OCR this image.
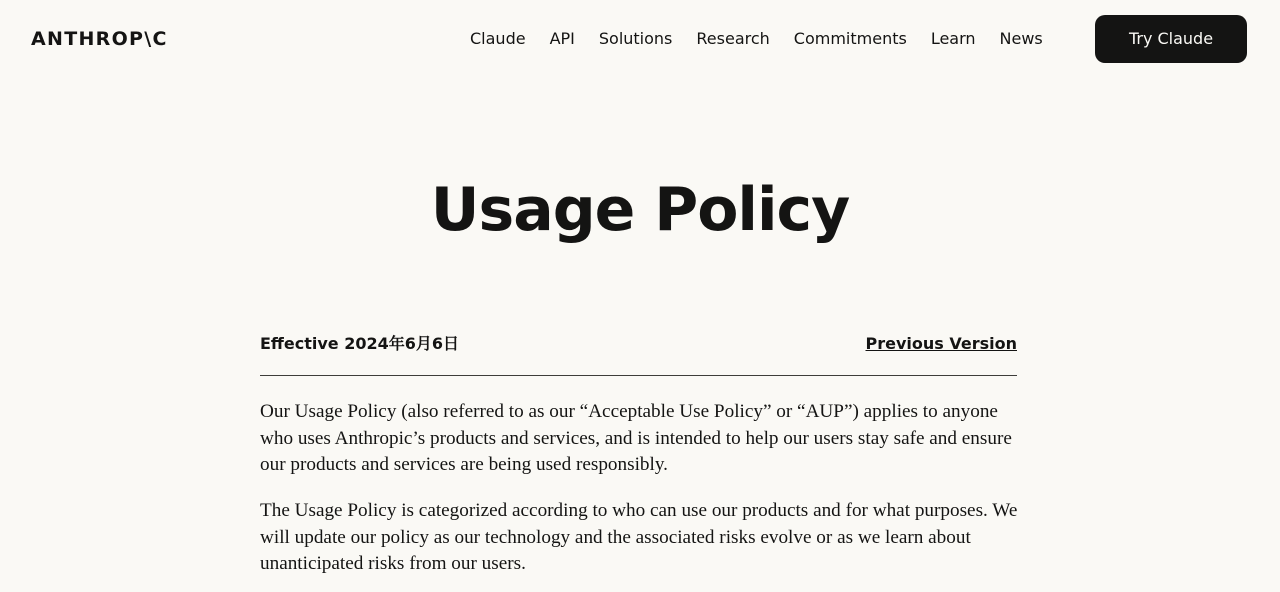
ANTHROP\C	Claude API Solutions Research Commitments Learn News	Try Claude
Usage Policy
Effective 2024年6月6日	Previous Version

Our Usage Policy (also referred to as our “Acceptable Use Policy” or “AUP”) applies to anyone who uses Anthropic’s products and services, and is intended to help our users stay safe and ensure our products and services are being used responsibly.

The Usage Policy is categorized according to who can use our products and for what purposes. We will update our policy as our technology and the associated risks evolve or as we learn about unanticipated risks from our users.
